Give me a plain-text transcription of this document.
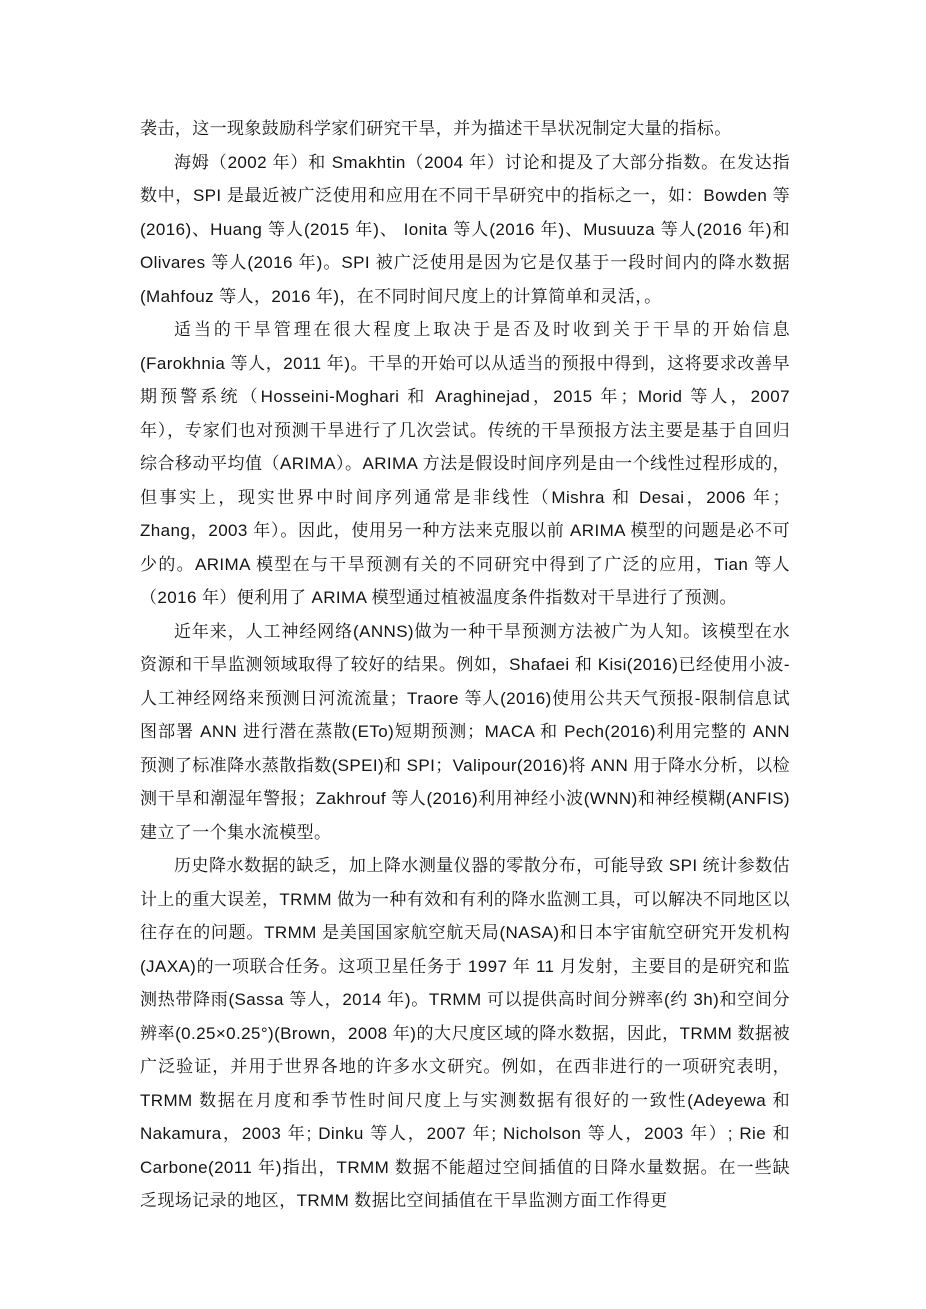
袭击，这一现象鼓励科学家们研究干旱，并为描述干旱状况制定大量的指标。

海姆（2002 年）和 Smakhtin（2004 年）讨论和提及了大部分指数。在发达指数中，SPI 是最近被广泛使用和应用在不同干旱研究中的指标之一，如：Bowden 等(2016)、Huang 等人(2015 年)、 Ionita 等人(2016 年)、Musuuza 等人(2016 年)和 Olivares 等人(2016 年)。SPI 被广泛使用是因为它是仅基于一段时间内的降水数据 (Mahfouz 等人，2016 年)，在不同时间尺度上的计算简单和灵活，。

适当的干旱管理在很大程度上取决于是否及时收到关于干旱的开始信息(Farokhnia 等人，2011 年)。干旱的开始可以从适当的预报中得到，这将要求改善早期预警系统（Hosseini-Moghari 和 Araghinejad，2015 年；Morid 等人，2007 年），专家们也对预测干旱进行了几次尝试。传统的干旱预报方法主要是基于自回归综合移动平均值（ARIMA）。ARIMA 方法是假设时间序列是由一个线性过程形成的，但事实上，现实世界中时间序列通常是非线性（Mishra 和 Desai，2006 年；Zhang，2003 年）。因此，使用另一种方法来克服以前 ARIMA 模型的问题是必不可少的。ARIMA 模型在与干旱预测有关的不同研究中得到了广泛的应用，Tian 等人（2016 年）便利用了 ARIMA 模型通过植被温度条件指数对干旱进行了预测。

近年来，人工神经网络(ANNS)做为一种干旱预测方法被广为人知。该模型在水资源和干旱监测领域取得了较好的结果。例如，Shafaei 和 Kisi(2016)已经使用小波-人工神经网络来预测日河流流量；Traore 等人(2016)使用公共天气预报-限制信息试图部署 ANN 进行潜在蒸散(ETo)短期预测；MACA 和 Pech(2016)利用完整的 ANN 预测了标准降水蒸散指数(SPEI)和 SPI；Valipour(2016)将 ANN 用于降水分析，以检测干旱和潮湿年警报；Zakhrouf 等人(2016)利用神经小波(WNN)和神经模糊(ANFIS)建立了一个集水流模型。

历史降水数据的缺乏，加上降水测量仪器的零散分布，可能导致 SPI 统计参数估计上的重大误差，TRMM 做为一种有效和有利的降水监测工具，可以解决不同地区以往存在的问题。TRMM 是美国国家航空航天局(NASA)和日本宇宙航空研究开发机构(JAXA)的一项联合任务。这项卫星任务于 1997 年 11 月发射，主要目的是研究和监测热带降雨(Sassa 等人，2014 年)。TRMM 可以提供高时间分辨率(约 3h)和空间分辨率(0.25×0.25°)(Brown，2008 年)的大尺度区域的降水数据，因此，TRMM 数据被广泛验证，并用于世界各地的许多水文研究。例如，在西非进行的一项研究表明，TRMM 数据在月度和季节性时间尺度上与实测数据有很好的一致性(Adeyewa 和 Nakamura，2003 年; Dinku 等人，2007 年; Nicholson 等人，2003 年）; Rie 和 Carbone(2011 年)指出，TRMM 数据不能超过空间插值的日降水量数据。在一些缺乏现场记录的地区，TRMM 数据比空间插值在干旱监测方面工作得更
